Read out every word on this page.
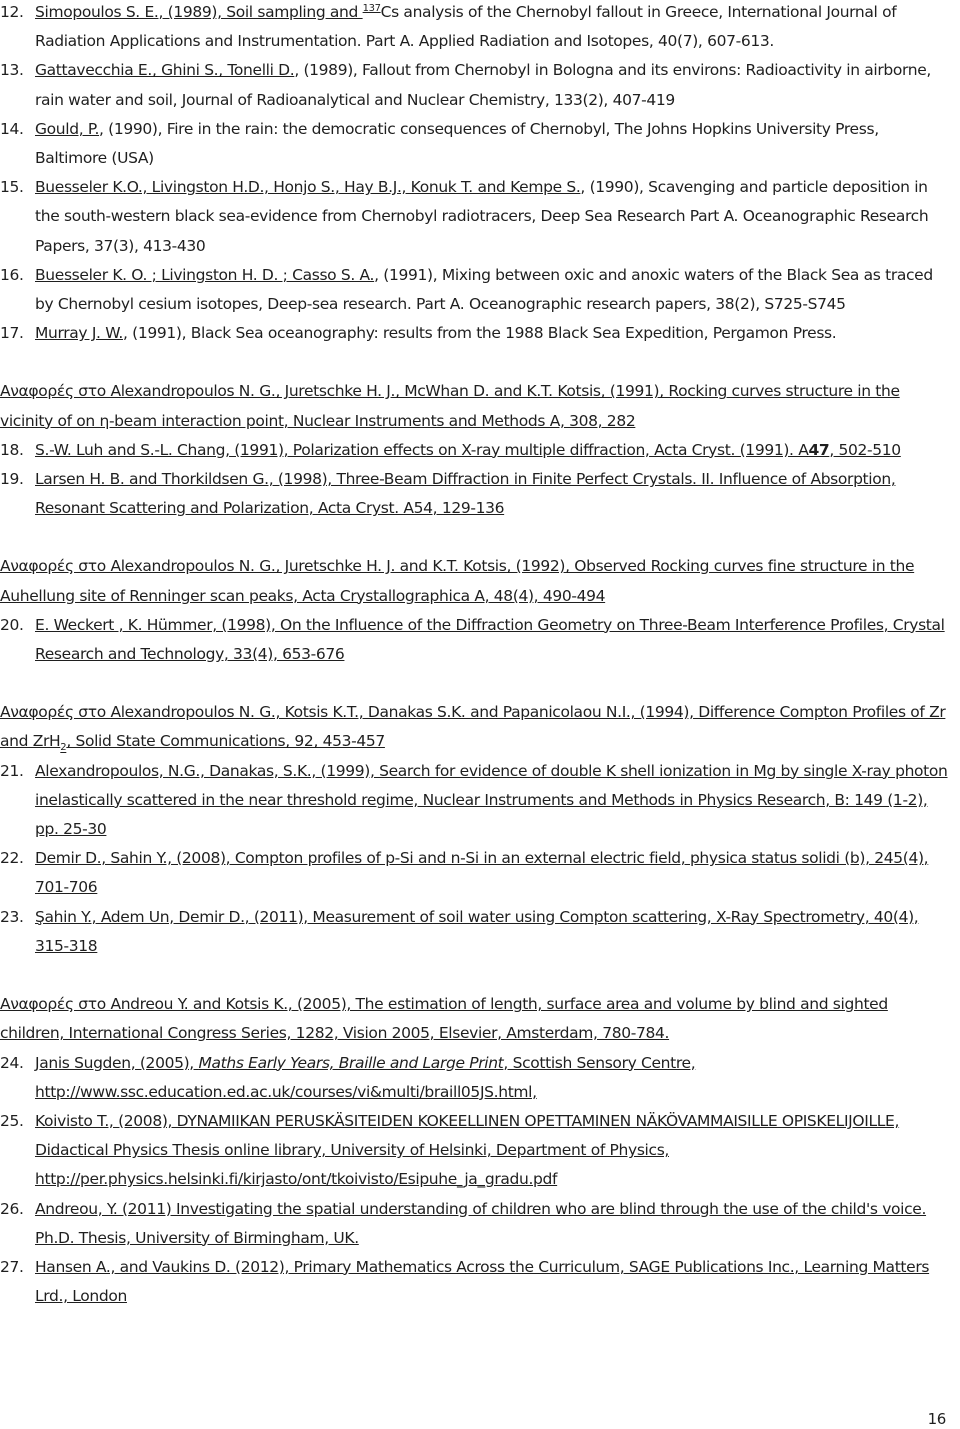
12. Simopoulos S. E., (1989), Soil sampling and $^{137}$Cs analysis of the Chernobyl fallout in Greece, International Journal of Radiation Applications and Instrumentation. Part A. Applied Radiation and Isotopes, 40(7), 607-613.
13. Gattavecchia E., Ghini S., Tonelli D., (1989), Fallout from Chernobyl in Bologna and its environs: Radioactivity in airborne, rain water and soil, Journal of Radioanalytical and Nuclear Chemistry, 133(2), 407-419
14. Gould, P., (1990), Fire in the rain: the democratic consequences of Chernobyl, The Johns Hopkins University Press, Baltimore (USA)
15. Buesseler K.O., Livingston H.D., Honjo S., Hay B.J., Konuk T. and Kempe S., (1990), Scavenging and particle deposition in the south-western black sea-evidence from Chernobyl radiotracers, Deep Sea Research Part A. Oceanographic Research Papers, 37(3), 413-430
16. Buesseler K. O. ; Livingston H. D. ; Casso S. A., (1991), Mixing between oxic and anoxic waters of the Black Sea as traced by Chernobyl cesium isotopes, Deep-sea research. Part A. Oceanographic research papers, 38(2), S725-S745
17. Murray J. W., (1991), Black Sea oceanography: results from the 1988 Black Sea Expedition, Pergamon Press.
Αναφορές στο Alexandropoulos N. G., Juretschke H. J., McWhan D. and K.T. Kotsis, (1991), Rocking curves structure in the vicinity of on η-beam interaction point, Nuclear Instruments and Methods A, 308, 282
18. S.-W. Luh and S.-L. Chang, (1991), Polarization effects on X-ray multiple diffraction, Acta Cryst. (1991). A47, 502-510
19. Larsen H. B. and Thorkildsen G., (1998), Three-Beam Diffraction in Finite Perfect Crystals. II. Influence of Absorption, Resonant Scattering and Polarization, Acta Cryst. A54, 129-136
Αναφορές στο Alexandropoulos N. G., Juretschke H. J. and K.T. Kotsis, (1992), Observed Rocking curves fine structure in the Auhellung site of Renninger scan peaks, Acta Crystallographica A, 48(4), 490-494
20. E. Weckert , K. Hümmer, (1998), On the Influence of the Diffraction Geometry on Three-Beam Interference Profiles, Crystal Research and Technology, 33(4), 653-676
Αναφορές στο Alexandropoulos N. G., Kotsis K.T., Danakas S.K. and Papanicolaou N.I., (1994), Difference Compton Profiles of Zr and ZrH$_2$, Solid State Communications, 92, 453-457
21. Alexandropoulos, N.G., Danakas, S.K., (1999), Search for evidence of double K shell ionization in Mg by single X-ray photon inelastically scattered in the near threshold regime, Nuclear Instruments and Methods in Physics Research, B: 149 (1-2), pp. 25-30
22. Demir D., Sahin Y., (2008), Compton profiles of p-Si and n-Si in an external electric field, physica status solidi (b), 245(4), 701-706
23. Şahin Y., Adem Un, Demir D., (2011), Measurement of soil water using Compton scattering, X-Ray Spectrometry, 40(4), 315-318
Αναφορές στο Andreou Y. and Kotsis K., (2005), The estimation of length, surface area and volume by blind and sighted children, International Congress Series, 1282, Vision 2005, Elsevier, Amsterdam, 780-784.
24. Janis Sugden, (2005), Maths Early Years, Braille and Large Print, Scottish Sensory Centre, http://www.ssc.education.ed.ac.uk/courses/vi&multi/braill05JS.html,
25. Koivisto T., (2008), DYNAMIIKAN PERUSKÄSITEIDEN KOKEELLINEN OPETTAMINEN NÄKÖVAMMAISILLE OPISKELIJOILLE, Didactical Physics Thesis online library, University of Helsinki, Department of Physics, http://per.physics.helsinki.fi/kirjasto/ont/tkoivisto/Esipuhe_ja_gradu.pdf
26. Andreou, Y. (2011) Investigating the spatial understanding of children who are blind through the use of the child's voice. Ph.D. Thesis, University of Birmingham, UK.
27. Hansen A., and Vaukins D. (2012), Primary Mathematics Across the Curriculum, SAGE Publications Inc., Learning Matters Lrd., London
16
